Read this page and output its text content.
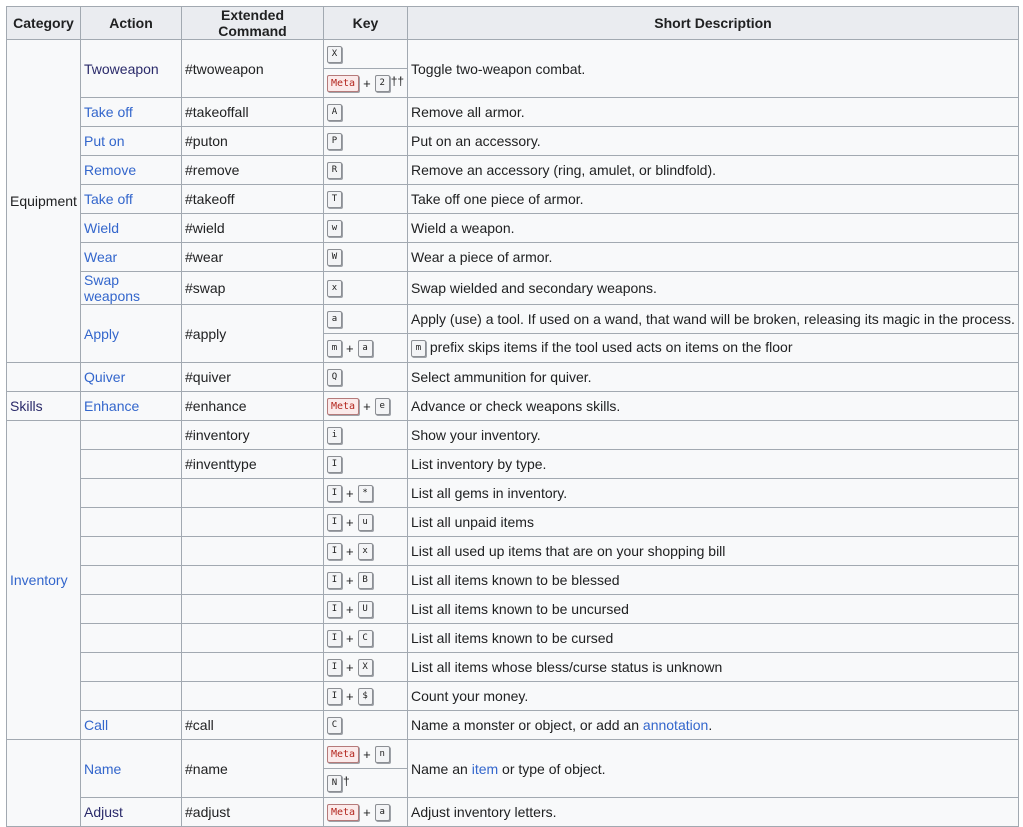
Category	Action	Extended Command	Key	Short Description
Equipment	Twoweapon	#twoweapon	X	Toggle two-weapon combat.
			Meta + 2 ††	
	Take off	#takeoffall	A	Remove all armor.
	Put on	#puton	P	Put on an accessory.
	Remove	#remove	R	Remove an accessory (ring, amulet, or blindfold).
	Take off	#takeoff	T	Take off one piece of armor.
	Wield	#wield	w	Wield a weapon.
	Wear	#wear	W	Wear a piece of armor.
	Swap weapons	#swap	x	Swap wielded and secondary weapons.
	Apply	#apply	a	Apply (use) a tool. If used on a wand, that wand will be broken, releasing its magic in the process.
			m + a	m prefix skips items if the tool used acts on items on the floor
	Quiver	#quiver	Q	Select ammunition for quiver.
Skills	Enhance	#enhance	Meta + e	Advance or check weapons skills.
Inventory		#inventory	i	Show your inventory.
		#inventtype	I	List inventory by type.
			I + *	List all gems in inventory.
			I + u	List all unpaid items
			I + x	List all used up items that are on your shopping bill
			I + B	List all items known to be blessed
			I + U	List all items known to be uncursed
			I + C	List all items known to be cursed
			I + X	List all items whose bless/curse status is unknown
			I + $	Count your money.
	Call	#call	C	Name a monster or object, or add an annotation.
	Name	#name	Meta + n	Name an item or type of object.
			N †	
	Adjust	#adjust	Meta + a	Adjust inventory letters.
